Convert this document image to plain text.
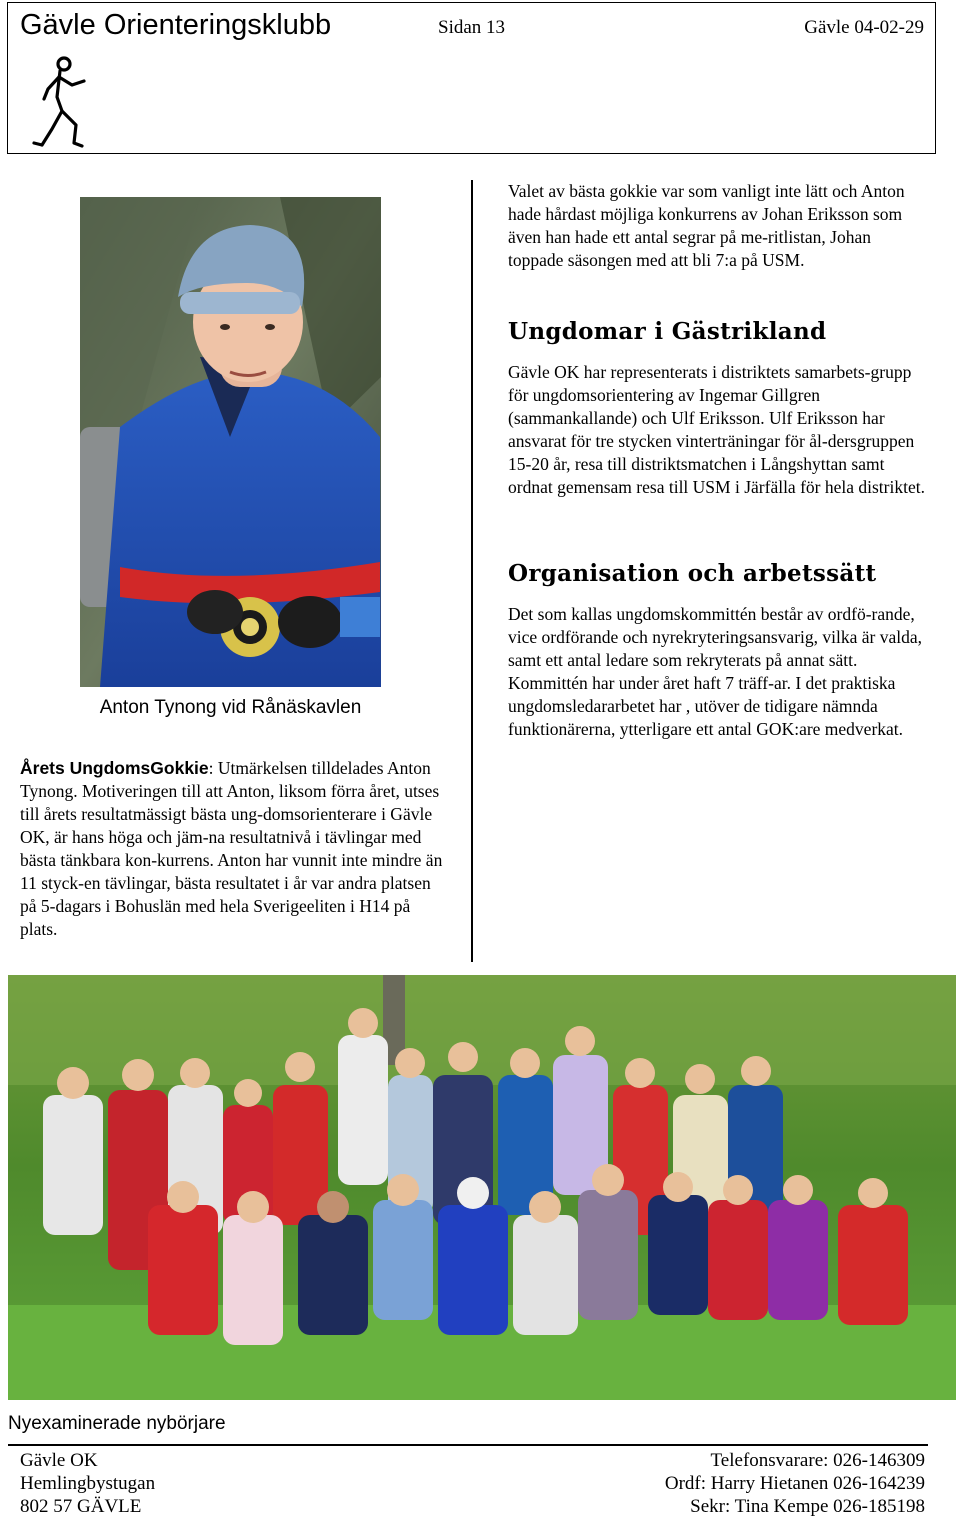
Gävle Orienteringsklubb	Sidan 13	Gävle 04-02-29
Anton Tynong vid Rånäskavlen
Årets UngdomsGokkie: Utmärkelsen tilldelades Anton Tynong. Motiveringen till att Anton, liksom förra året, utses till årets resultatmässigt bästa ung-domsorienterare i Gävle OK, är hans höga och jäm-na resultatnivå i tävlingar med bästa tänkbara kon-kurrens. Anton har vunnit inte mindre än 11 styck-en tävlingar, bästa resultatet i år var andra platsen på 5-dagars i Bohuslän med hela Sverigeeliten i H14 på plats.
Valet av bästa gokkie var som vanligt inte lätt och Anton hade hårdast möjliga konkurrens av Johan Eriksson som även han hade ett antal segrar på me-ritlistan, Johan toppade säsongen med att bli 7:a på USM.
Ungdomar i Gästrikland
Gävle OK har representerats i distriktets samarbets-grupp för ungdomsorientering av Ingemar Gillgren (sammankallande) och Ulf Eriksson. Ulf Eriksson har ansvarat för tre stycken vinterträningar för ål-dersgruppen 15-20 år, resa till distriktsmatchen i Långshyttan samt ordnat gemensam resa till USM i Järfälla för hela distriktet.
Organisation och arbetssätt
Det som kallas ungdomskommittén består av ordfö-rande, vice ordförande och nyrekryteringsansvarig, vilka är valda, samt ett antal ledare som rekryterats på annat sätt. Kommittén har under året haft 7 träff-ar. I det praktiska ungdomsledararbetet har , utöver de tidigare nämnda funktionärerna, ytterligare ett antal GOK:are medverkat.
Nyexaminerade nybörjare
Gävle OK
Hemlingbystugan
802 57 GÄVLE
Telefonsvarare: 026-146309
Ordf: Harry Hietanen 026-164239
Sekr: Tina Kempe 026-185198
